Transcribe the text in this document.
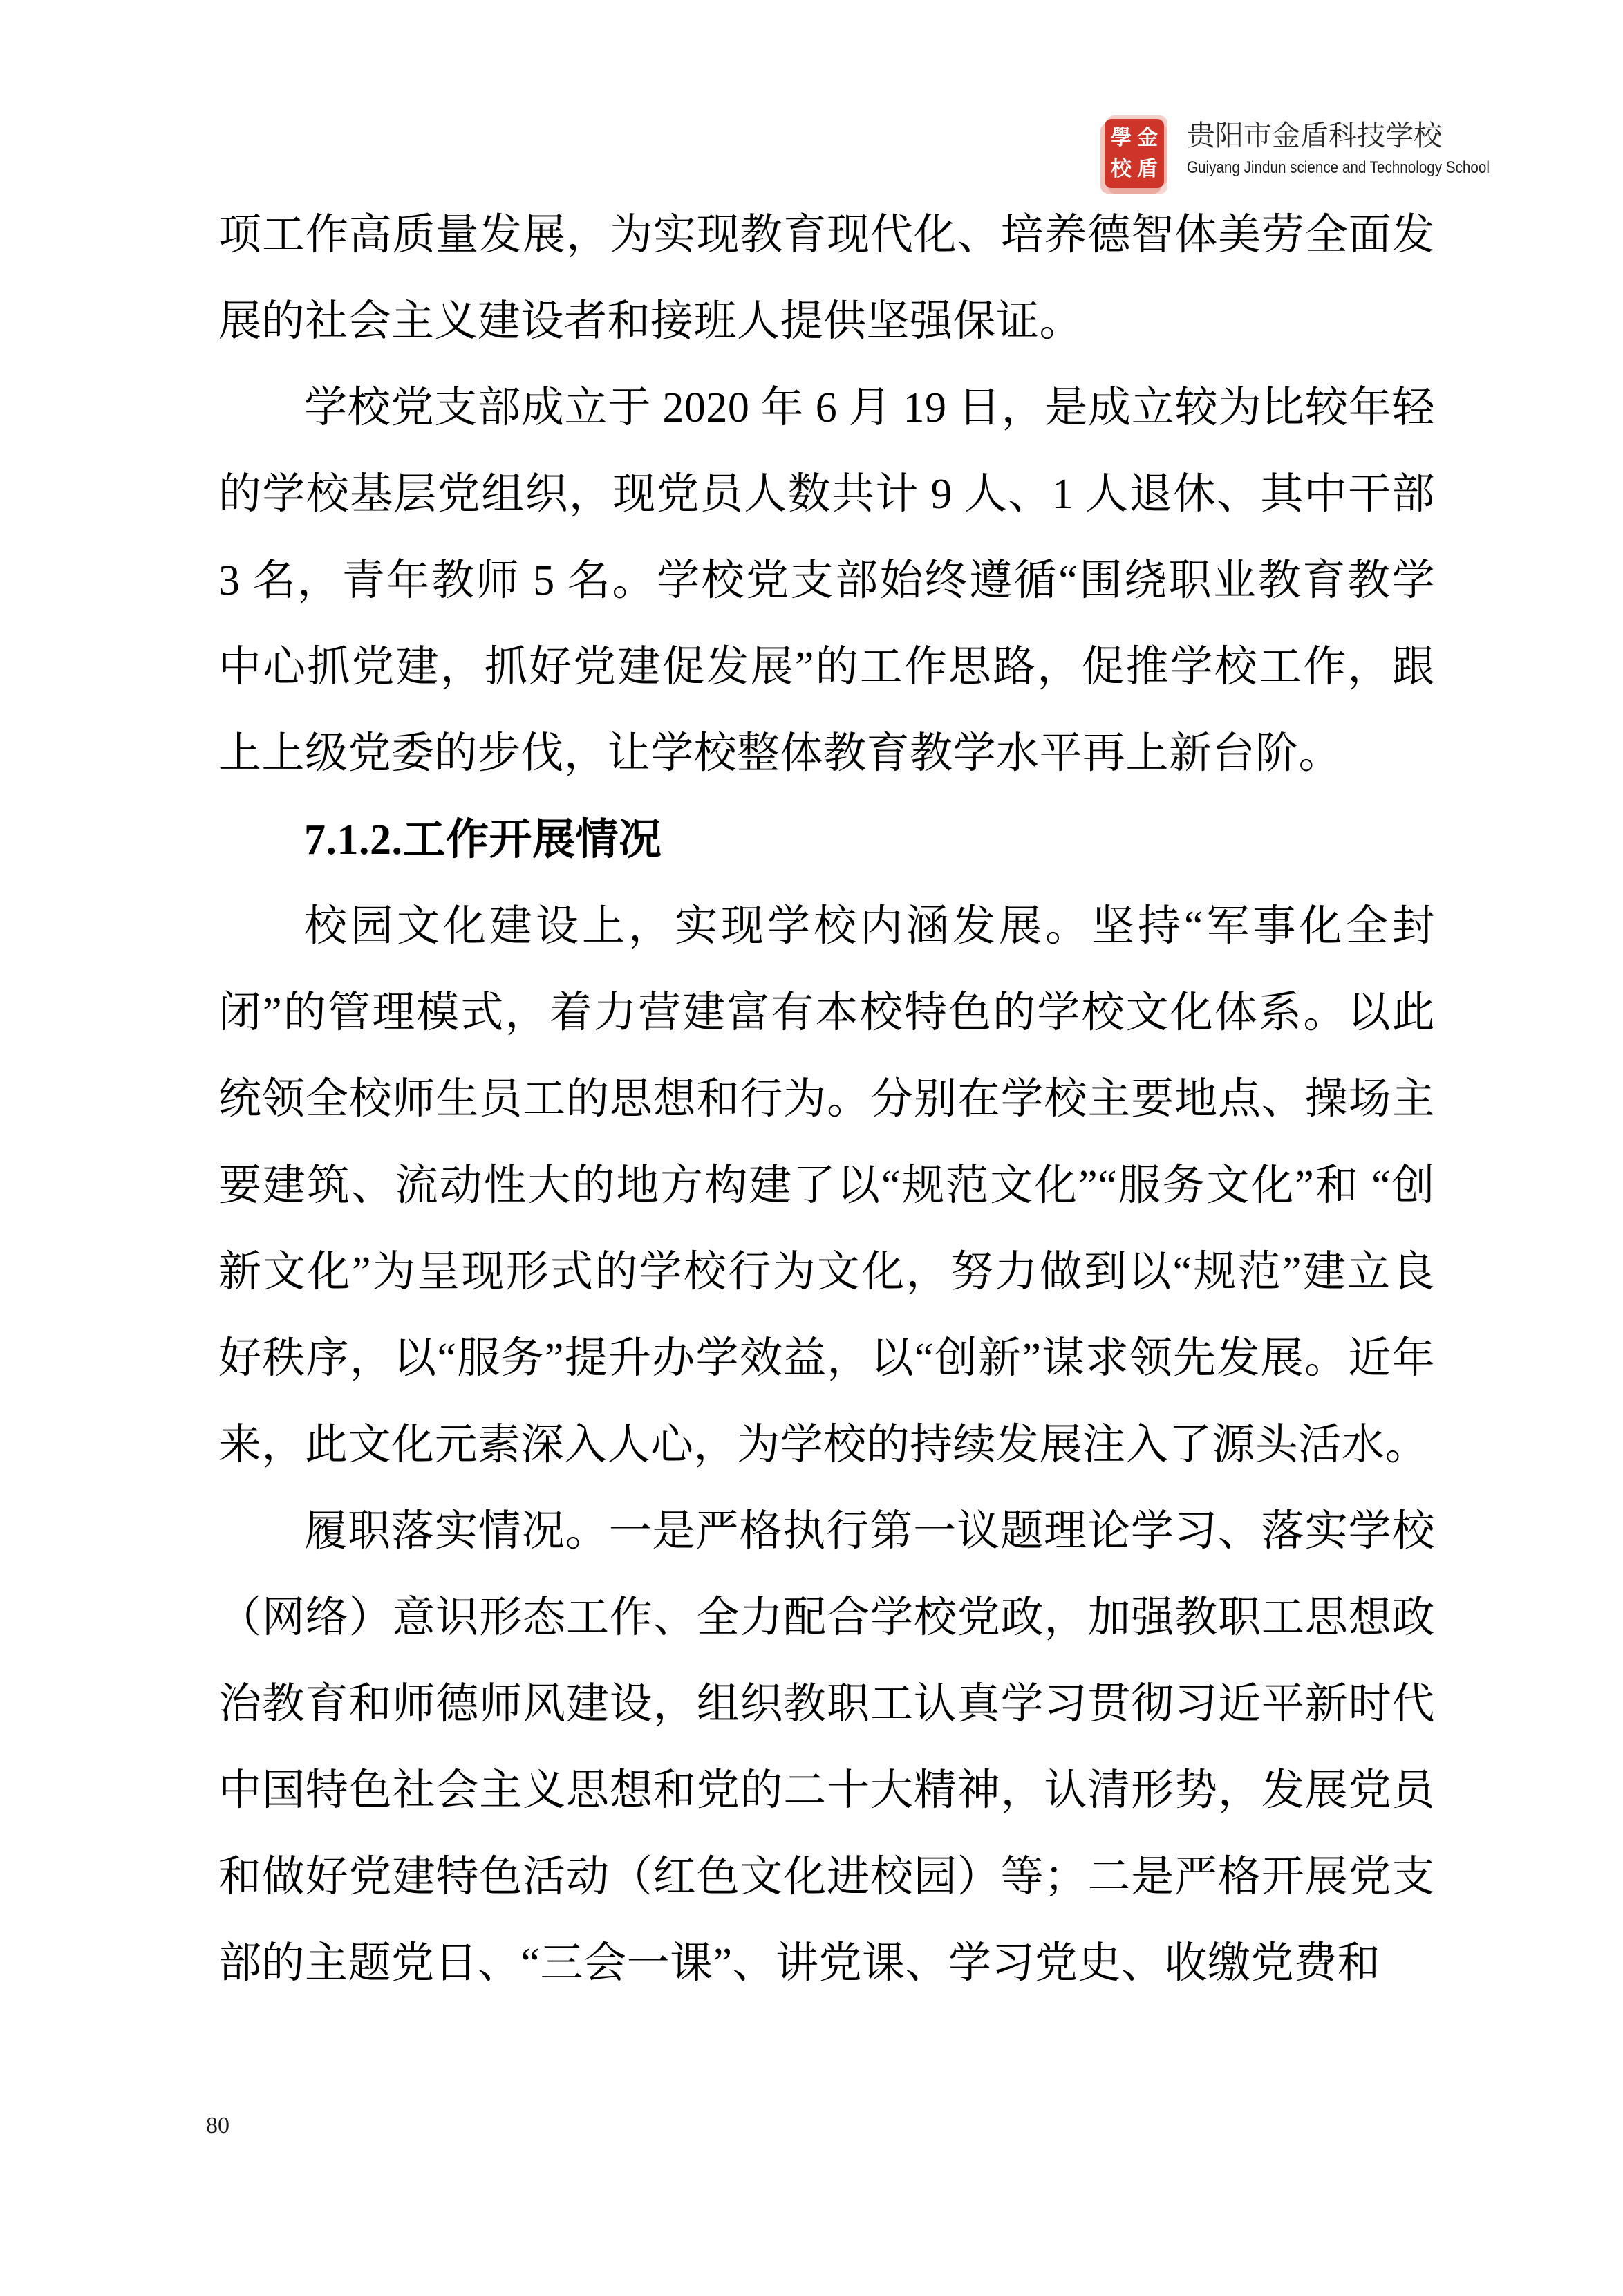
學 金
校 盾
贵阳市金盾科技学校
Guiyang Jindun science and Technology School

项工作高质量发展，为实现教育现代化、培养德智体美劳全面发展的社会主义建设者和接班人提供坚强保证。

学校党支部成立于 2020 年 6 月 19 日，是成立较为比较年轻的学校基层党组织，现党员人数共计 9 人、1 人退休、其中干部 3 名，青年教师 5 名。学校党支部始终遵循“围绕职业教育教学中心抓党建，抓好党建促发展”的工作思路，促推学校工作，跟上上级党委的步伐，让学校整体教育教学水平再上新台阶。

7.1.2.工作开展情况

校园文化建设上，实现学校内涵发展。坚持“军事化全封闭”的管理模式，着力营建富有本校特色的学校文化体系。以此统领全校师生员工的思想和行为。分别在学校主要地点、操场主要建筑、流动性大的地方构建了以“规范文化”“服务文化”和 “创新文化”为呈现形式的学校行为文化，努力做到以“规范”建立良好秩序，以“服务”提升办学效益，以“创新”谋求领先发展。近年来，此文化元素深入人心，为学校的持续发展注入了源头活水。

履职落实情况。一是严格执行第一议题理论学习、落实学校（网络）意识形态工作、全力配合学校党政，加强教职工思想政治教育和师德师风建设，组织教职工认真学习贯彻习近平新时代中国特色社会主义思想和党的二十大精神，认清形势，发展党员和做好党建特色活动（红色文化进校园）等；二是严格开展党支部的主题党日、“三会一课”、讲党课、学习党史、收缴党费和

80
